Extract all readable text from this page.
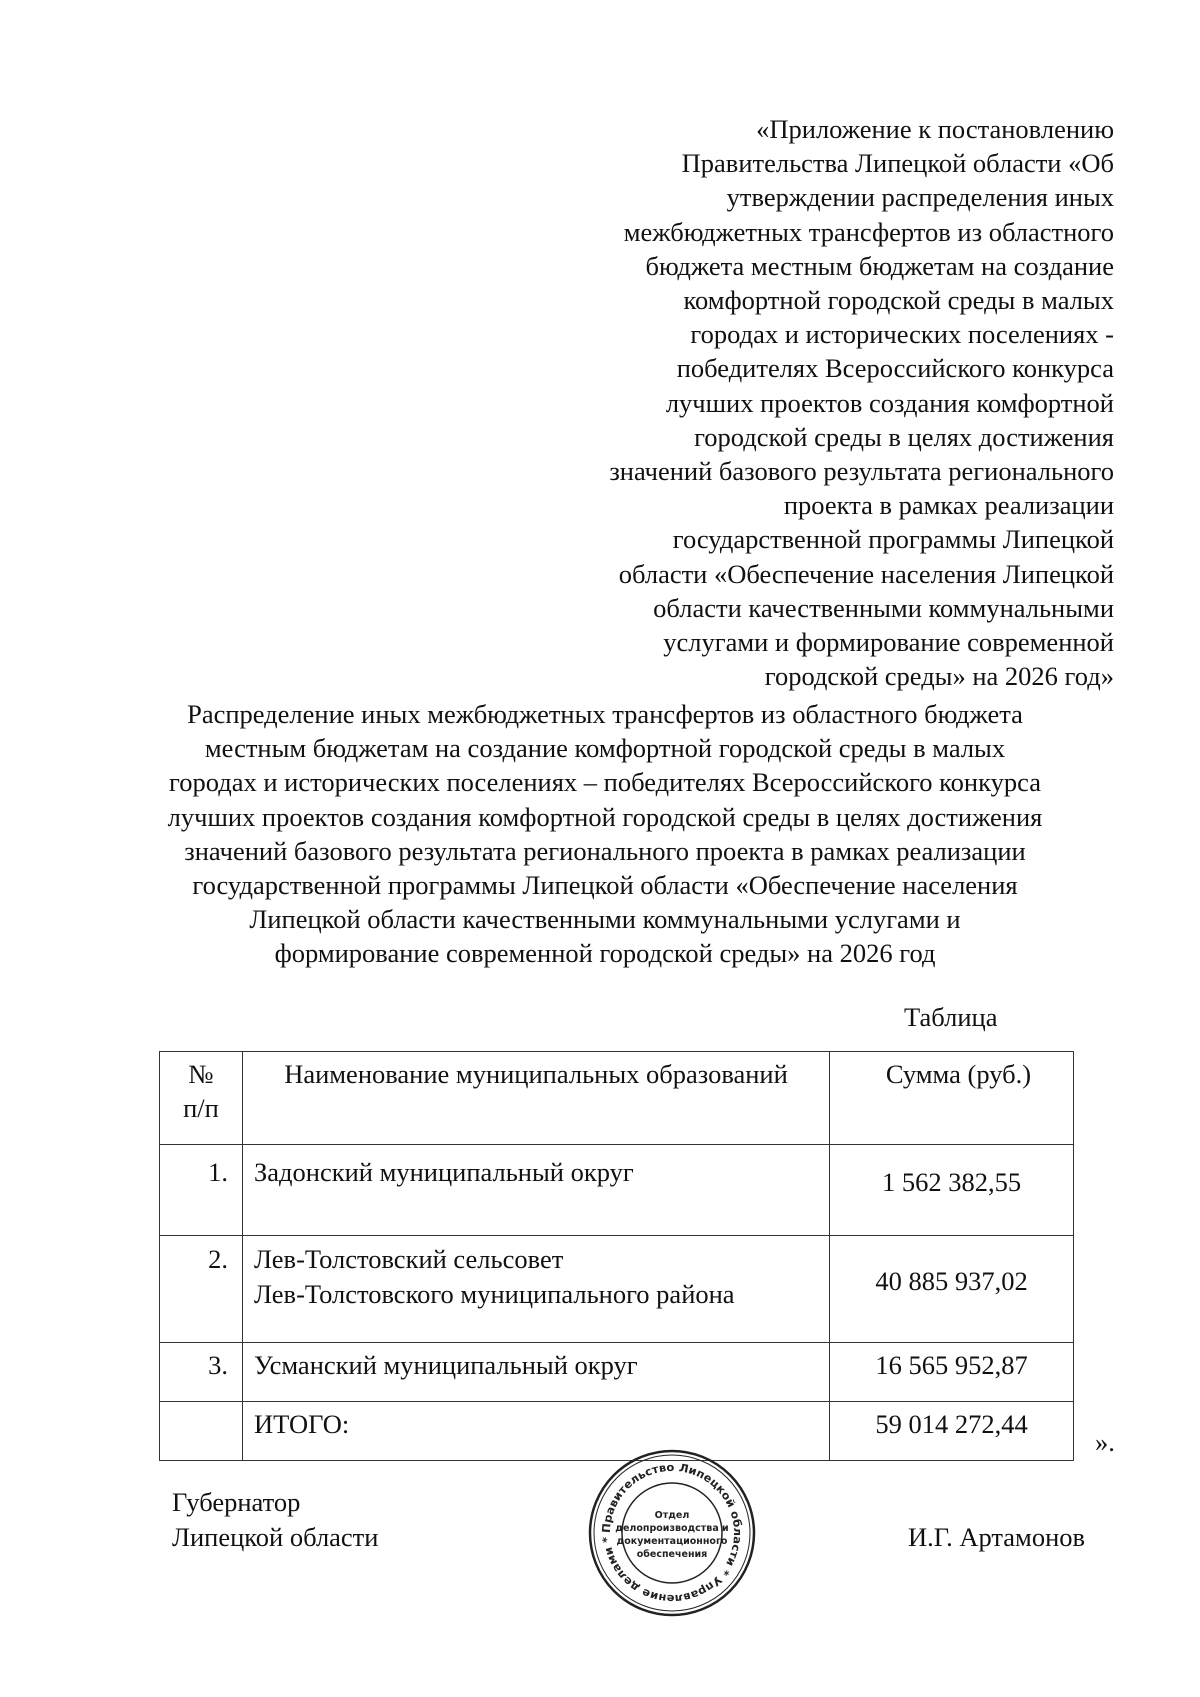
«Приложение к постановлению
Правительства Липецкой области «Об
утверждении распределения иных
межбюджетных трансфертов из областного
бюджета местным бюджетам на создание
комфортной городской среды в малых
городах и исторических поселениях -
победителях Всероссийского конкурса
лучших проектов создания комфортной
городской среды в целях достижения
значений базового результата регионального
проекта в рамках реализации
государственной программы Липецкой
области «Обеспечение населения Липецкой
области качественными коммунальными
услугами и формирование современной
городской среды» на 2026 год»
Распределение иных межбюджетных трансфертов из областного бюджета
местным бюджетам на создание комфортной городской среды в малых
городах и исторических поселениях – победителях Всероссийского конкурса
лучших проектов создания комфортной городской среды в целях достижения
значений базового результата регионального проекта в рамках реализации
государственной программы Липецкой области «Обеспечение населения
Липецкой области качественными коммунальными услугами и
формирование современной городской среды» на 2026 год
Таблица
№
п/п	Наименование муниципальных образований	Сумма (руб.)
1.	Задонский муниципальный округ	1 562 382,55
2.	Лев-Толстовский сельсовет
Лев-Толстовского муниципального района	40 885 937,02
3.	Усманский муниципальный округ	16 565 952,87
	ИТОГО:	59 014 272,44
».
Губернатор
Липецкой области	И.Г. Артамонов
Правительство Липецкой области * Управление делами *
Отдел
делопроизводства и
документационного
обеспечения
